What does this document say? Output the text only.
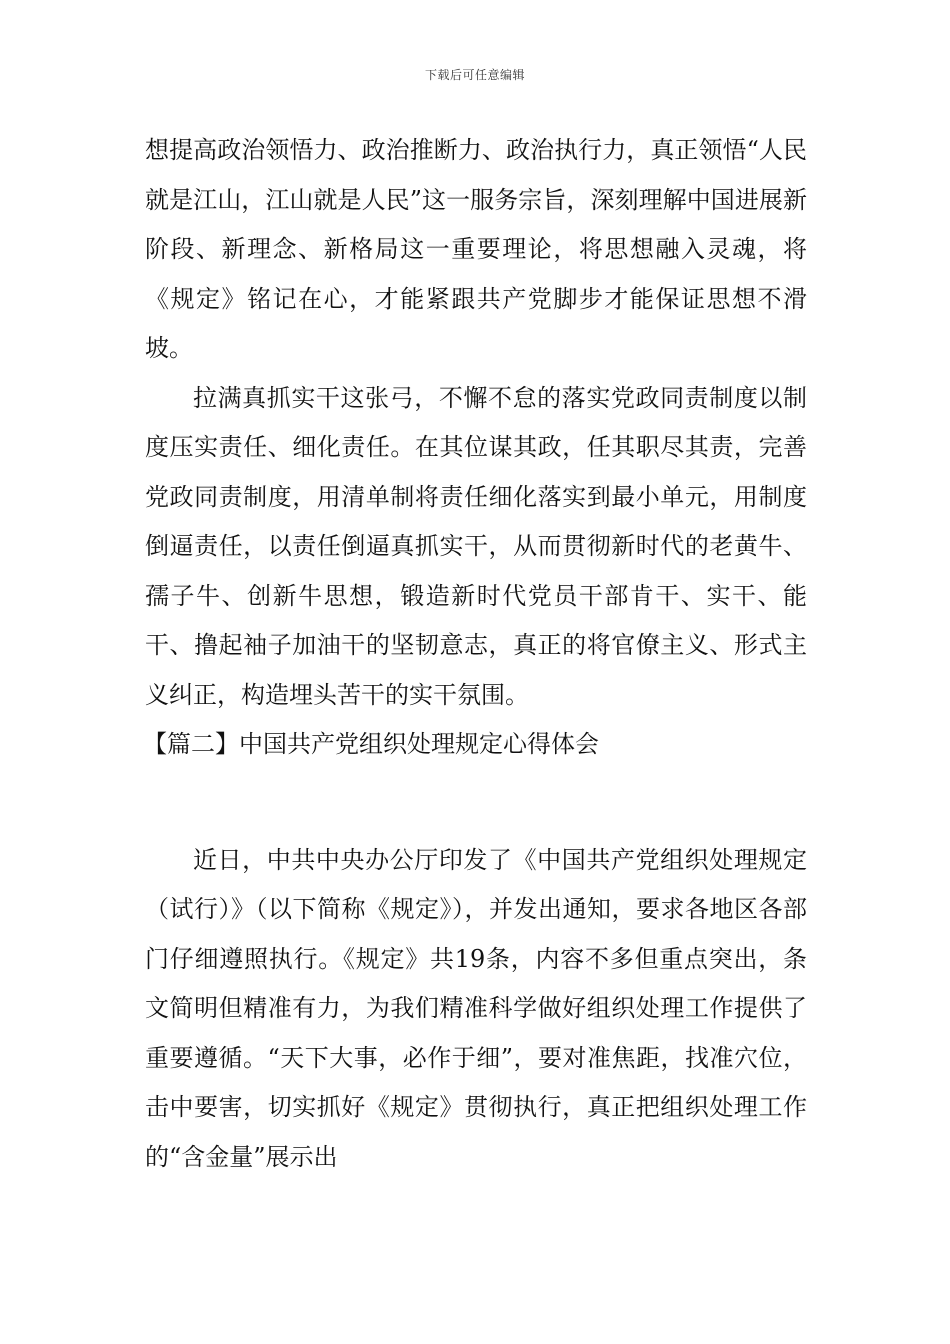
下载后可任意编辑

想提高政治领悟力、政治推断力、政治执行力，真正领悟“人民就是江山，江山就是人民”这一服务宗旨，深刻理解中国进展新阶段、新理念、新格局这一重要理论，将思想融入灵魂，将《规定》铭记在心，才能紧跟共产党脚步才能保证思想不滑坡。

拉满真抓实干这张弓，不懈不怠的落实党政同责制度以制度压实责任、细化责任。在其位谋其政，任其职尽其责，完善党政同责制度，用清单制将责任细化落实到最小单元，用制度倒逼责任，以责任倒逼真抓实干，从而贯彻新时代的老黄牛、孺子牛、创新牛思想，锻造新时代党员干部肯干、实干、能干、撸起袖子加油干的坚韧意志，真正的将官僚主义、形式主义纠正，构造埋头苦干的实干氛围。

【篇二】中国共产党组织处理规定心得体会

近日，中共中央办公厅印发了《中国共产党组织处理规定（试行）》（以下简称《规定》），并发出通知，要求各地区各部门仔细遵照执行。《规定》共19条，内容不多但重点突出，条文简明但精准有力，为我们精准科学做好组织处理工作提供了重要遵循。“天下大事，必作于细”，要对准焦距，找准穴位，击中要害，切实抓好《规定》贯彻执行，真正把组织处理工作的“含金量”展示出
